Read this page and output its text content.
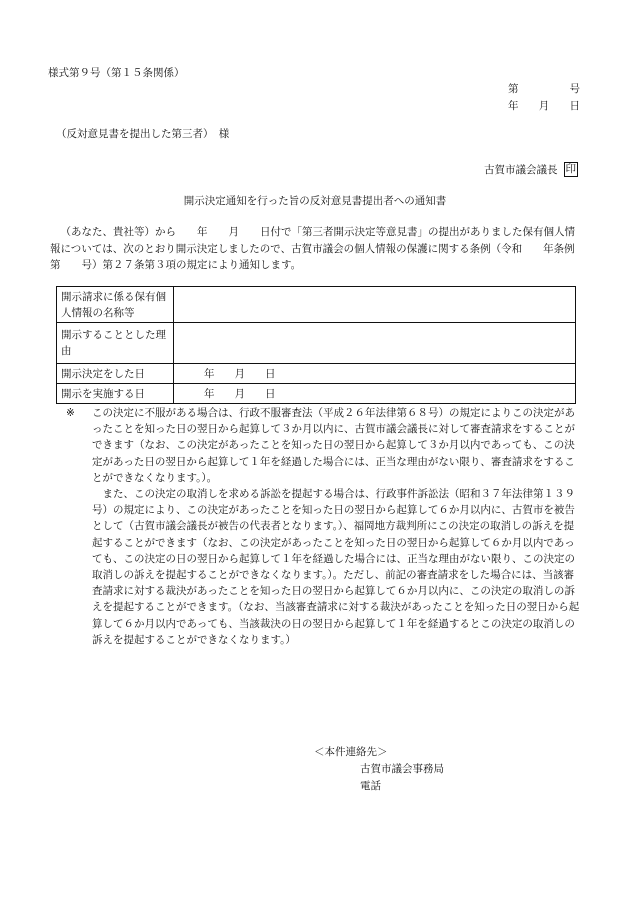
様式第９号（第１５条関係）
第	号
年 月 日
（反対意見書を提出した第三者）　様
古賀市議会議長 印
開示決定通知を行った旨の反対意見書提出者への通知書
（あなた、貴社等）から　　年　　月　　日付で「第三者開示決定等意見書」の提出がありました保有個人情報については、次のとおり開示決定しましたので、古賀市議会の個人情報の保護に関する条例（令和　　年条例第　　号）第２７条第３項の規定により通知します。
開示請求に係る保有個人情報の名称等	
開示することとした理由	
開示決定をした日	年 月 日
開示を実施する日	年 月 日
※	この決定に不服がある場合は、行政不服審査法（平成２６年法律第６８号）の規定によりこの決定があったことを知った日の翌日から起算して３か月以内に、古賀市議会議長に対して審査請求をすることができます（なお、この決定があったことを知った日の翌日から起算して３か月以内であっても、この決定があった日の翌日から起算して１年を経過した場合には、正当な理由がない限り、審査請求をすることができなくなります。）。
また、この決定の取消しを求める訴訟を提起する場合は、行政事件訴訟法（昭和３７年法律第１３９号）の規定により、この決定があったことを知った日の翌日から起算して６か月以内に、古賀市を被告として（古賀市議会議長が被告の代表者となります。）、福岡地方裁判所にこの決定の取消しの訴えを提起することができます（なお、この決定があったことを知った日の翌日から起算して６か月以内であっても、この決定の日の翌日から起算して１年を経過した場合には、正当な理由がない限り、この決定の取消しの訴えを提起することができなくなります。）。ただし、前記の審査請求をした場合には、当該審査請求に対する裁決があったことを知った日の翌日から起算して６か月以内に、この決定の取消しの訴えを提起することができます。（なお、当該審査請求に対する裁決があったことを知った日の翌日から起算して６か月以内であっても、当該裁決の日の翌日から起算して１年を経過するとこの決定の取消しの訴えを提起することができなくなります。）
＜本件連絡先＞
古賀市議会事務局
電話
